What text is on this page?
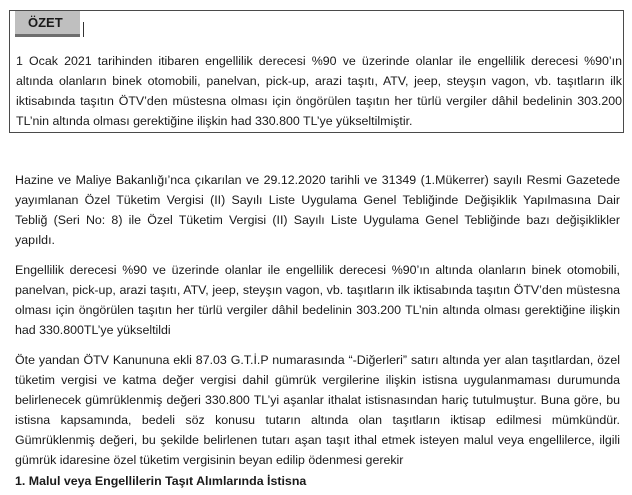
ÖZET
1 Ocak 2021 tarihinden itibaren engellilik derecesi %90 ve üzerinde olanlar ile engellilik derecesi %90’ın altında olanların binek otomobili, panelvan, pick-up, arazi taşıtı, ATV, jeep, steyşın vagon, vb. taşıtların ilk iktisabında taşıtın ÖTV’den müstesna olması için öngörülen taşıtın her türlü vergiler dâhil bedelinin 303.200 TL’nin altında olması gerektiğine ilişkin had 330.800 TL’ye yükseltilmiştir.
Hazine ve Maliye Bakanlığı’nca çıkarılan ve 29.12.2020 tarihli ve 31349 (1.Mükerrer) sayılı Resmi Gazetede yayımlanan Özel Tüketim Vergisi (II) Sayılı Liste Uygulama Genel Tebliğinde Değişiklik Yapılmasına Dair Tebliğ (Seri No: 8) ile Özel Tüketim Vergisi (II) Sayılı Liste Uygulama Genel Tebliğinde bazı değişiklikler yapıldı.
Engellilik derecesi %90 ve üzerinde olanlar ile engellilik derecesi %90’ın altında olanların binek otomobili, panelvan, pick-up, arazi taşıtı, ATV, jeep, steyşın vagon, vb. taşıtların ilk iktisabında taşıtın ÖTV’den müstesna olması için öngörülen taşıtın her türlü vergiler dâhil bedelinin 303.200 TL’nin altında olması gerektiğine ilişkin had 330.800TL’ye yükseltildi
Öte yandan ÖTV Kanununa ekli 87.03 G.T.İ.P numarasında “-Diğerleri” satırı altında yer alan taşıtlardan, özel tüketim vergisi ve katma değer vergisi dahil gümrük vergilerine ilişkin istisna uygulanmaması durumunda belirlenecek gümrüklenmiş değeri 330.800 TL’yi aşanlar ithalat istisnasından hariç tutulmuştur. Buna göre, bu istisna kapsamında, bedeli söz konusu tutarın altında olan taşıtların iktisap edilmesi mümkündür. Gümrüklenmiş değeri, bu şekilde belirlenen tutarı aşan taşıt ithal etmek isteyen malul veya engellilerce, ilgili gümrük idaresine özel tüketim vergisinin beyan edilip ödenmesi gerekir
1. Malul veya Engellilerin Taşıt Alımlarında İstisna
